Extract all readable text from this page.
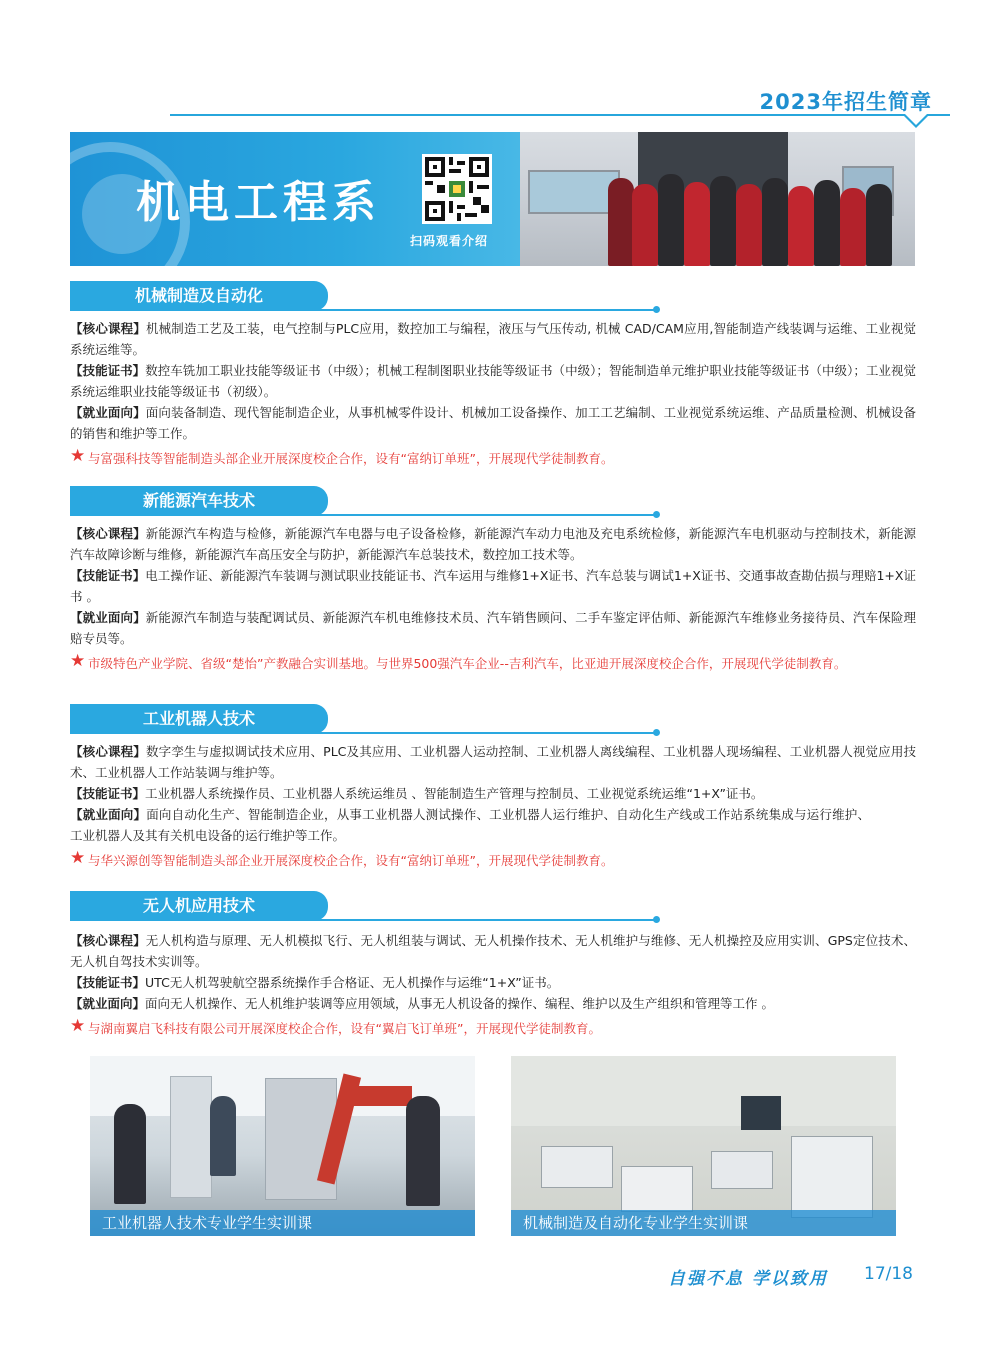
2023年招生简章
机电工程系
扫码观看介绍
机械制造及自动化

【核心课程】机械制造工艺及工装，电气控制与PLC应用，数控加工与编程，液压与气压传动, 机械 CAD/CAM应用,智能制造产线装调与运维、工业视觉系统运维等。

【技能证书】数控车铣加工职业技能等级证书（中级）；机械工程制图职业技能等级证书（中级）；智能制造单元维护职业技能等级证书（中级）；工业视觉系统运维职业技能等级证书（初级）。

【就业面向】面向装备制造、现代智能制造企业，从事机械零件设计、机械加工设备操作、加工工艺编制、工业视觉系统运维、产品质量检测、机械设备的销售和维护等工作。

★ 与富强科技等智能制造头部企业开展深度校企合作，设有“富纳订单班”，开展现代学徒制教育。

新能源汽车技术

【核心课程】新能源汽车构造与检修，新能源汽车电器与电子设备检修，新能源汽车动力电池及充电系统检修，新能源汽车电机驱动与控制技术，新能源汽车故障诊断与维修，新能源汽车高压安全与防护，新能源汽车总装技术，数控加工技术等。

【技能证书】电工操作证、新能源汽车装调与测试职业技能证书、汽车运用与维修1+X证书、汽车总装与调试1+X证书、交通事故查勘估损与理赔1+X证书 。

【就业面向】新能源汽车制造与装配调试员、新能源汽车机电维修技术员、汽车销售顾问、二手车鉴定评估师、新能源汽车维修业务接待员、汽车保险理赔专员等。

★ 市级特色产业学院、省级“楚怡”产教融合实训基地。与世界500强汽车企业--吉利汽车，比亚迪开展深度校企合作，开展现代学徒制教育。

工业机器人技术

【核心课程】数字孪生与虚拟调试技术应用、PLC及其应用、工业机器人运动控制、工业机器人离线编程、工业机器人现场编程、工业机器人视觉应用技术、工业机器人工作站装调与维护等。

【技能证书】工业机器人系统操作员、工业机器人系统运维员 、智能制造生产管理与控制员、工业视觉系统运维“1+X”证书。

【就业面向】面向自动化生产、智能制造企业，从事工业机器人测试操作、工业机器人运行维护、自动化生产线或工作站系统集成与运行维护、工业机器人及其有关机电设备的运行维护等工作。

★ 与华兴源创等智能制造头部企业开展深度校企合作，设有“富纳订单班”，开展现代学徒制教育。

无人机应用技术

【核心课程】无人机构造与原理、无人机模拟飞行、无人机组装与调试、无人机操作技术、无人机维护与维修、无人机操控及应用实训、GPS定位技术、无人机自驾技术实训等。

【技能证书】UTC无人机驾驶航空器系统操作手合格证、无人机操作与运维“1+X”证书。

【就业面向】面向无人机操作、无人机维护装调等应用领域，从事无人机设备的操作、编程、维护以及生产组织和管理等工作 。

★ 与湖南翼启飞科技有限公司开展深度校企合作，设有“翼启飞订单班”，开展现代学徒制教育。

工业机器人技术专业学生实训课	机械制造及自动化专业学生实训课
自强不息 学以致用 17/18
